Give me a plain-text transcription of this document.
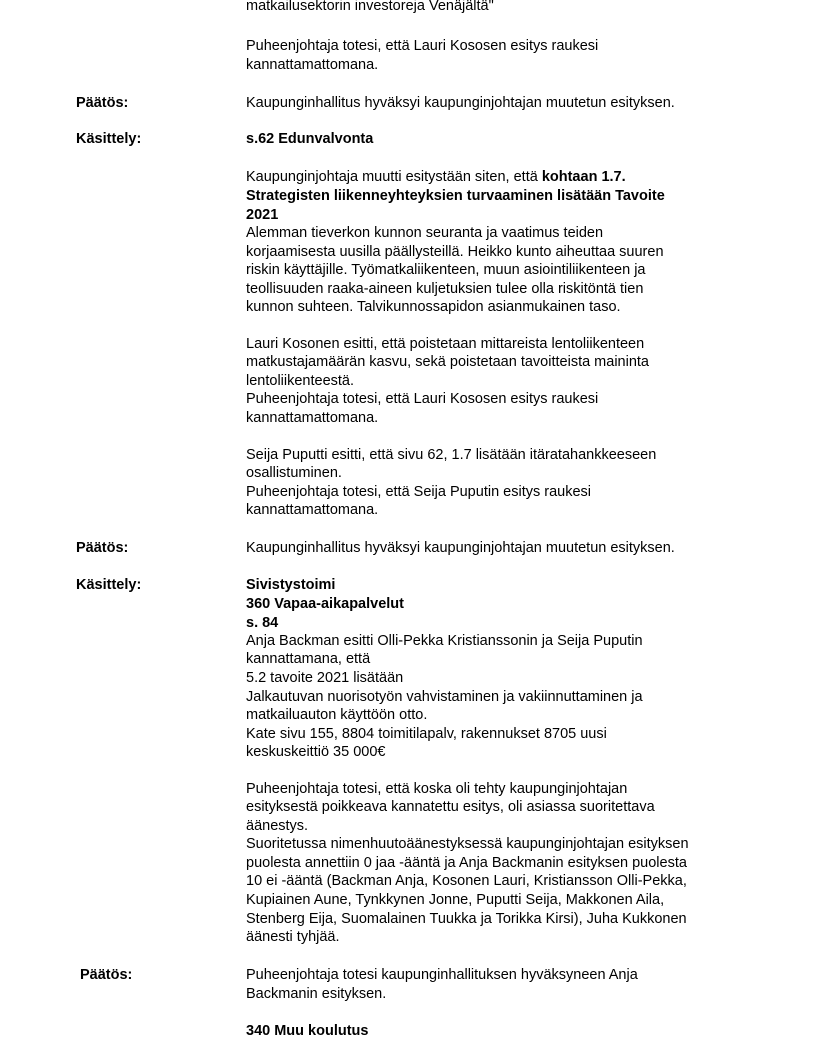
matkailusektorin investoreja Venäjältä"
Puheenjohtaja totesi, että Lauri Kososen esitys raukesi
kannattamattomana.
Päätös:	Kaupunginhallitus hyväksyi kaupunginjohtajan muutetun esityksen.
Käsittely:	s.62 Edunvalvonta
Kaupunginjohtaja muutti esitystään siten, että kohtaan 1.7.
Strategisten liikenneyhteyksien turvaaminen lisätään Tavoite
2021
Alemman tieverkon kunnon seuranta ja vaatimus teiden
korjaamisesta uusilla päällysteillä. Heikko kunto aiheuttaa suuren
riskin käyttäjille. Työmatkaliikenteen, muun asiointiliikenteen ja
teollisuuden raaka-aineen kuljetuksien tulee olla riskitöntä tien
kunnon suhteen. Talvikunnossapidon asianmukainen taso.
Lauri Kosonen esitti, että poistetaan mittareista lentoliikenteen
matkustajamäärän kasvu, sekä poistetaan tavoitteista maininta
lentoliikenteestä.
Puheenjohtaja totesi, että Lauri Kososen esitys raukesi
kannattamattomana.
Seija Puputti esitti, että sivu 62, 1.7 lisätään itäratahankkeeseen
osallistuminen.
Puheenjohtaja totesi, että Seija Puputin esitys raukesi
kannattamattomana.
Päätös:	Kaupunginhallitus hyväksyi kaupunginjohtajan muutetun esityksen.
Käsittely:	Sivistystoimi
360 Vapaa-aikapalvelut
s. 84
Anja Backman esitti Olli-Pekka Kristianssonin ja Seija Puputin
kannattamana, että
5.2 tavoite 2021 lisätään
Jalkautuvan nuorisotyön vahvistaminen ja vakiinnuttaminen ja
matkailuauton käyttöön otto.
Kate sivu 155, 8804 toimitilapalv, rakennukset 8705 uusi
keskuskeittiö 35 000€
Puheenjohtaja totesi, että koska oli tehty kaupunginjohtajan
esityksestä poikkeava kannatettu esitys, oli asiassa suoritettava
äänestys.
Suoritetussa nimenhuutoäänestyksessä kaupunginjohtajan esityksen
puolesta annettiin 0 jaa -ääntä ja Anja Backmanin esityksen puolesta
10 ei -ääntä (Backman Anja, Kosonen Lauri, Kristiansson Olli-Pekka,
Kupiainen Aune, Tynkkynen Jonne, Puputti Seija, Makkonen Aila,
Stenberg Eija, Suomalainen Tuukka ja Torikka Kirsi), Juha Kukkonen
äänesti tyhjää.
Päätös:	Puheenjohtaja totesi kaupunginhallituksen hyväksyneen Anja
Backmanin esityksen.
340 Muu koulutus
